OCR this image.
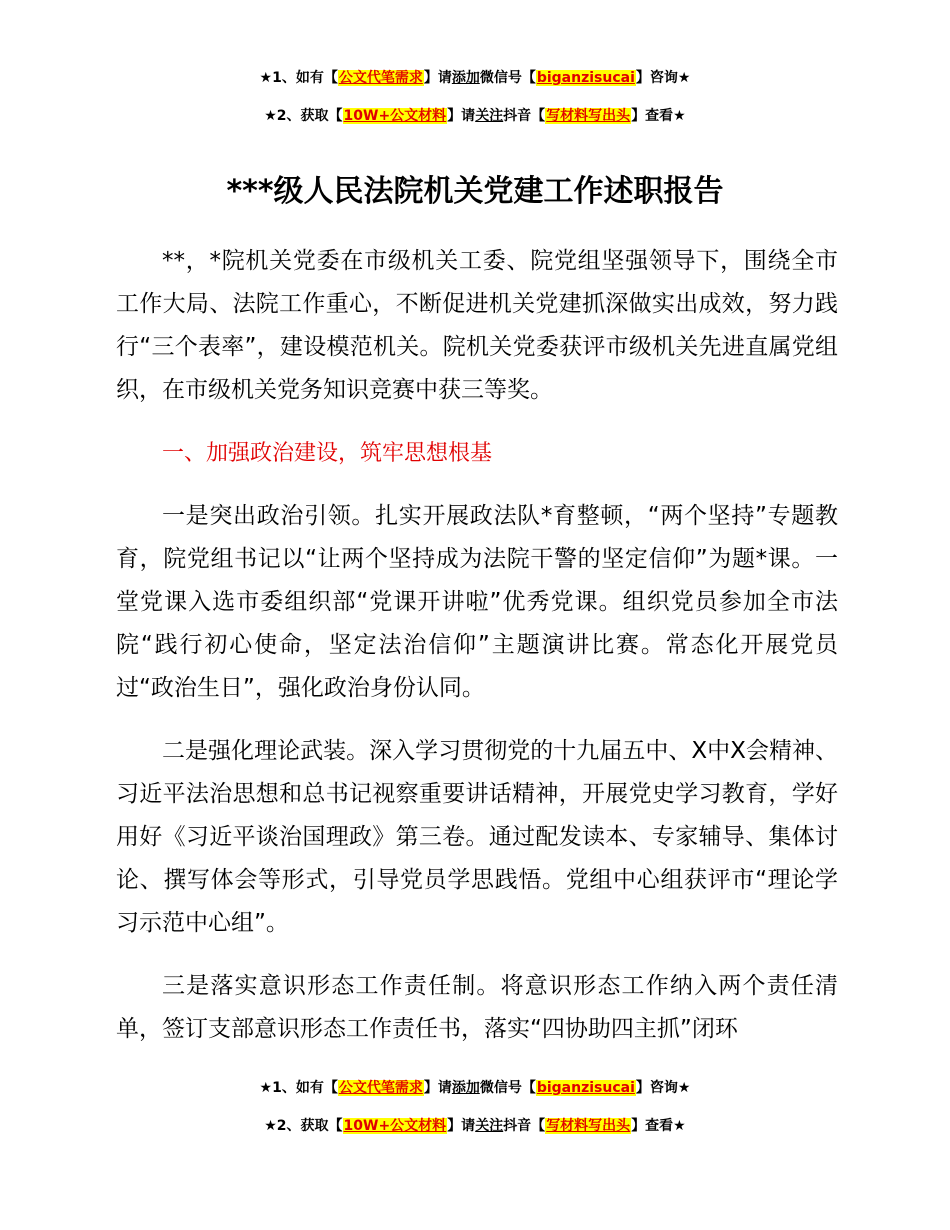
★1、如有【公文代笔需求】请添加微信号【biganzisucai】咨询★
★2、获取【10W+公文材料】请关注抖音【写材料写出头】查看★
***级人民法院机关党建工作述职报告

**，*院机关党委在市级机关工委、院党组坚强领导下，围绕全市工作大局、法院工作重心，不断促进机关党建抓深做实出成效，努力践行“三个表率”，建设模范机关。院机关党委获评市级机关先进直属党组织，在市级机关党务知识竞赛中获三等奖。

一、加强政治建设，筑牢思想根基

一是突出政治引领。扎实开展政法队*育整顿，“两个坚持”专题教育，院党组书记以“让两个坚持成为法院干警的坚定信仰”为题*课。一堂党课入选市委组织部“党课开讲啦”优秀党课。组织党员参加全市法院“践行初心使命，坚定法治信仰”主题演讲比赛。常态化开展党员过“政治生日”，强化政治身份认同。

二是强化理论武装。深入学习贯彻党的十九届五中、X中X会精神、习近平法治思想和总书记视察重要讲话精神，开展党史学习教育，学好用好《习近平谈治国理政》第三卷。通过配发读本、专家辅导、集体讨论、撰写体会等形式，引导党员学思践悟。党组中心组获评市“理论学习示范中心组”。

三是落实意识形态工作责任制。将意识形态工作纳入两个责任清单，签订支部意识形态工作责任书，落实“四协助四主抓”闭环

★1、如有【公文代笔需求】请添加微信号【biganzisucai】咨询★
★2、获取【10W+公文材料】请关注抖音【写材料写出头】查看★
